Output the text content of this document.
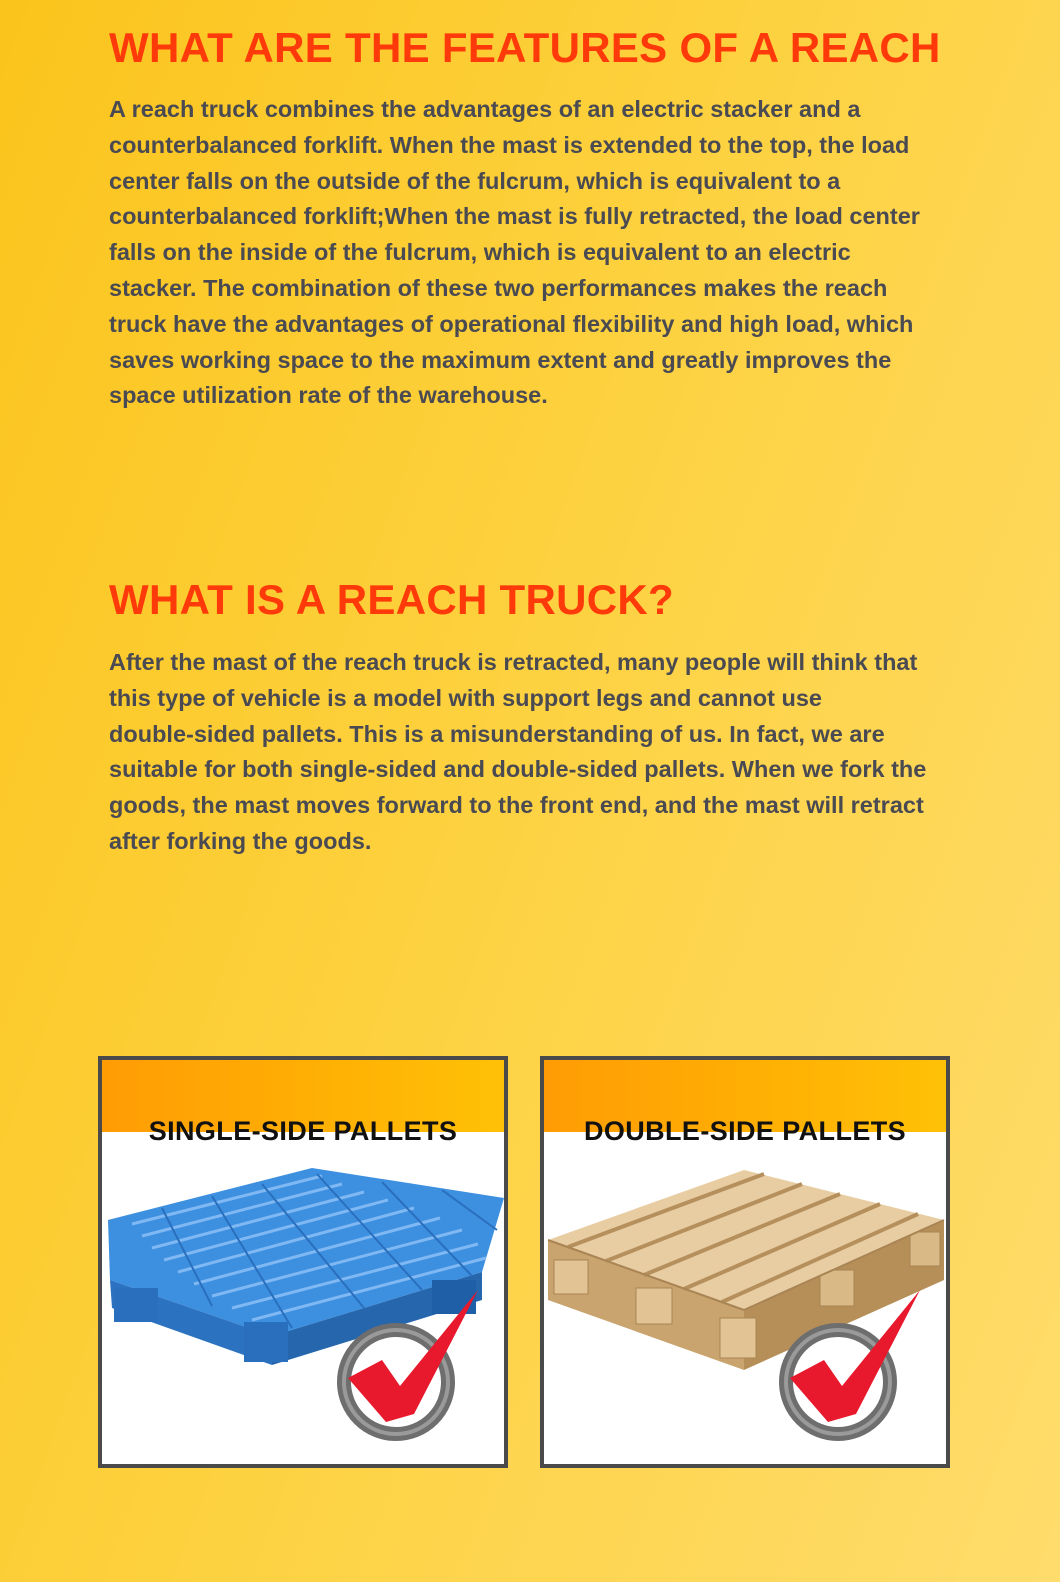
WHAT ARE THE FEATURES OF A REACH

A reach truck combines the advantages of an electric stacker and a
counterbalanced forklift. When the mast is extended to the top, the load
center falls on the outside of the fulcrum, which is equivalent to a
counterbalanced forklift;When the mast is fully retracted, the load center
falls on the inside of the fulcrum, which is equivalent to an electric
stacker. The combination of these two performances makes the reach
truck have the advantages of operational flexibility and high load, which
saves working space to the maximum extent and greatly improves the
space utilization rate of the warehouse.

WHAT IS A REACH TRUCK?

After the mast of the reach truck is retracted, many people will think that
this type of vehicle is a model with support legs and cannot use
double-sided pallets. This is a misunderstanding of us. In fact, we are
suitable for both single-sided and double-sided pallets. When we fork the
goods, the mast moves forward to the front end, and the mast will retract
after forking the goods.

SINGLE-SIDE PALLETS	DOUBLE-SIDE PALLETS
